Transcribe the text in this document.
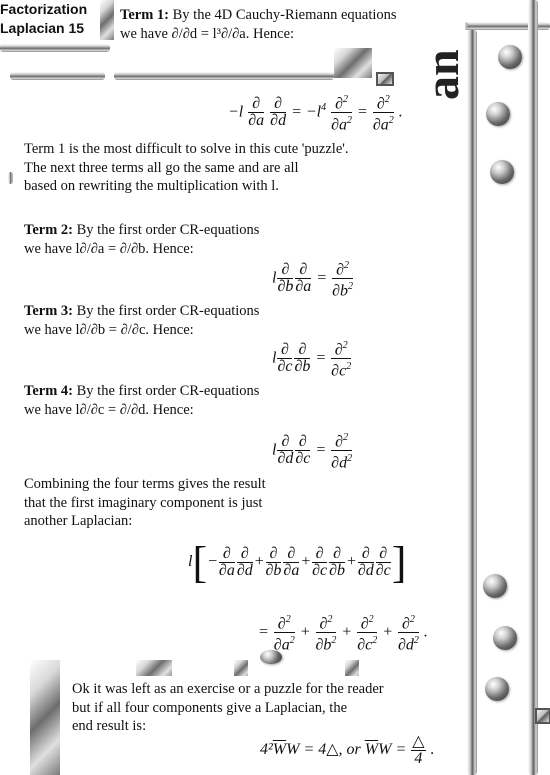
an
Factorization
Laplacian 15
Term 1: By the 4D Cauchy-Riemann equations
we have ∂/∂d = l³∂/∂a. Hence:
$-l \frac{\partial}{\partial a}$
$\frac{\partial}{\partial d} = -l^4 \frac{\partial^2}{\partial a^2} = \frac{\partial^2}{\partial a^2}$ .
Term 1 is the most difficult to solve in this cute 'puzzle'.
The next three terms all go the same and are all
based on rewriting the multiplication with l.
Term 2: By the first order CR-equations
we have l∂/∂a = ∂/∂b. Hence:
l $\frac{\partial}{\partial b} \frac{\partial}{\partial a} = \frac{\partial^2}{\partial b^2}$
Term 3: By the first order CR-equations
we have l∂/∂b = ∂/∂c. Hence:
l $\frac{\partial}{\partial c} \frac{\partial}{\partial b} = \frac{\partial^2}{\partial c^2}$
Term 4: By the first order CR-equations
we have l∂/∂c = ∂/∂d. Hence:
l $\frac{\partial}{\partial d} \frac{\partial}{\partial c} = \frac{\partial^2}{\partial d^2}$
Combining the four terms gives the result
that the first imaginary component is just
another Laplacian:
$l[- \frac{\partial}{\partial a} \frac{\partial}{\partial d} + \frac{\partial}{\partial b} \frac{\partial}{\partial a} + \frac{\partial}{\partial c} \frac{\partial}{\partial b} + \frac{\partial}{\partial d} \frac{\partial}{\partial c}$ ]
= $\frac{\partial^2}{\partial a^2} + \frac{\partial^2}{\partial b^2} + \frac{\partial^2}{\partial c^2} + \frac{\partial^2}{\partial d^2}$ .
Ok it was left as an exercise or a puzzle for the reader
but if all four components give a Laplacian, the
end result is:
$4^2\overline{W}W$ = 4△, or $\overline{W}W = \frac{\triangle}{4}$ .
